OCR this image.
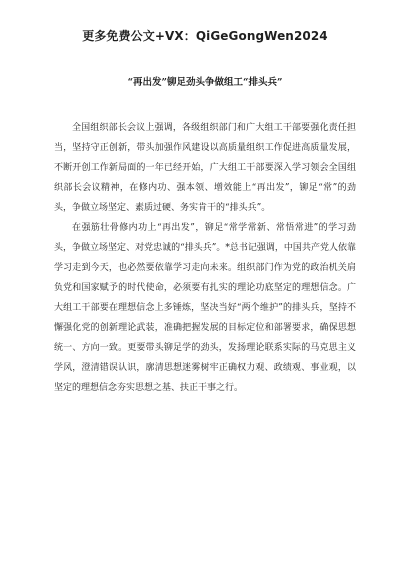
更多免费公文+VX：QiGeGongWen2024
“再出发”铆足劲头争做组工“排头兵”

全国组织部长会议上强调，各级组织部门和广大组工干部要强化责任担当，坚持守正创新，带头加强作风建设以高质量组织工作促进高质量发展，不断开创工作新局面的一年已经开始，广大组工干部要深入学习领会全国组织部长会议精神，在修内功、强本领、增效能上“再出发”，铆足“常”的劲头，争做立场坚定、素质过硬、务实肯干的“排头兵”。

在强筋壮骨修内功上“再出发”，铆足“常学常新、常悟常进”的学习劲头，争做立场坚定、对党忠诚的“排头兵”。*总书记强调，中国共产党人依靠学习走到今天，也必然要依靠学习走向未来。组织部门作为党的政治机关肩负党和国家赋予的时代使命，必须要有扎实的理论功底坚定的理想信念。广大组工干部要在理想信念上多锤炼，坚决当好“两个维护”的排头兵，坚持不懈强化党的创新理论武装，准确把握发展的目标定位和部署要求，确保思想统一、方向一致。更要带头铆足学的劲头，发扬理论联系实际的马克思主义学风，澄清错误认识，廓清思想迷雾树牢正确权力观、政绩观、事业观，以坚定的理想信念夯实思想之基、扶正干事之行。
